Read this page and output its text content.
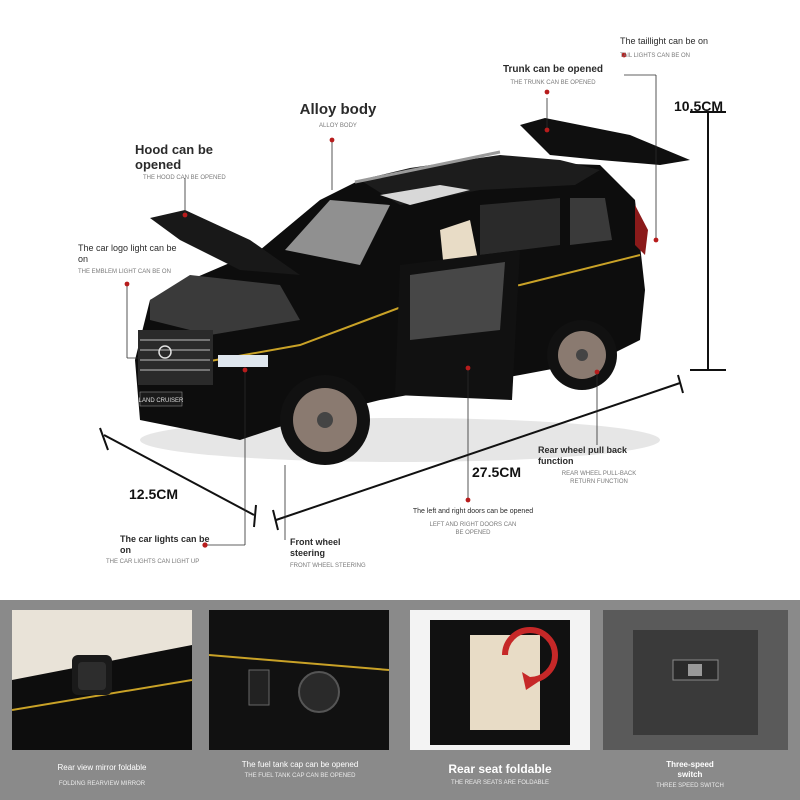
LAND CRUISER
Hood can be opened
THE HOOD CAN BE OPENED
Alloy body
ALLOY BODY
Trunk can be opened
THE TRUNK CAN BE OPENED
The taillight can be on
TAIL LIGHTS CAN BE ON
The car logo light can be on
THE EMBLEM LIGHT CAN BE ON
Rear wheel pull back function
REAR WHEEL PULL-BACK RETURN FUNCTION
The left and right doors can be opened
LEFT AND RIGHT DOORS CAN BE OPENED
The car lights can be on
THE CAR LIGHTS CAN LIGHT UP
Front wheel steering
FRONT WHEEL STEERING
10.5CM
27.5CM
12.5CM
Rear view mirror foldable
FOLDING REARVIEW MIRROR
The fuel tank cap can be opened
THE FUEL TANK CAP CAN BE OPENED	Rear seat foldable
THE REAR SEATS ARE FOLDABLE
Three-speed switch
THREE SPEED SWITCH
